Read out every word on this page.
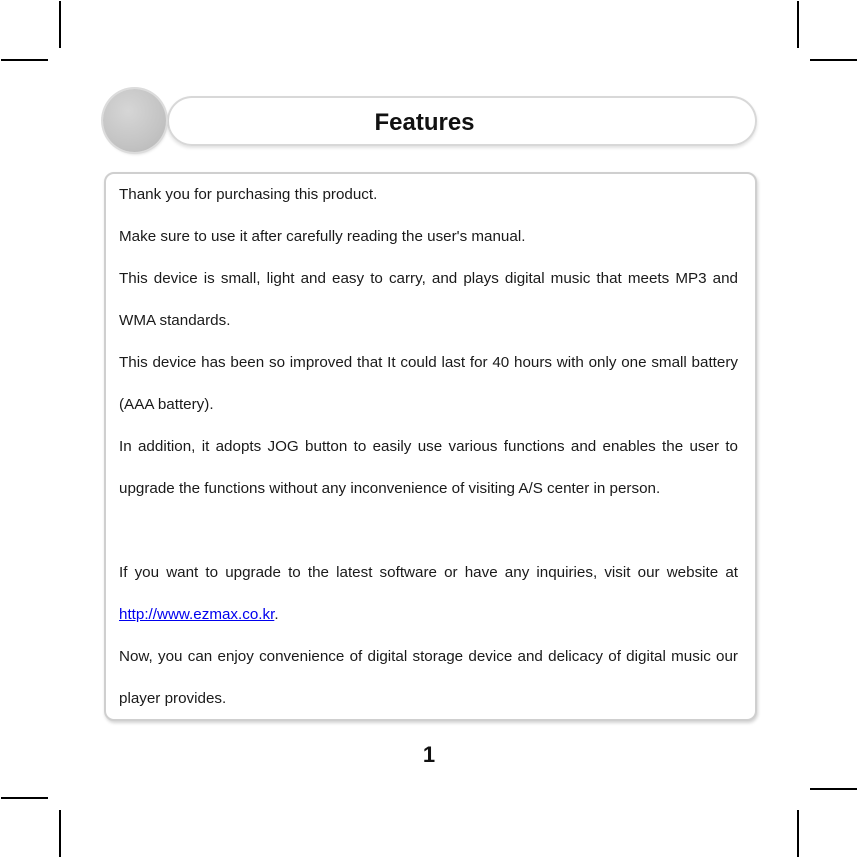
Features

Thank you for purchasing this product.

Make sure to use it after carefully reading the user's manual.

This device is small, light and easy to carry, and plays digital music that meets MP3 and WMA standards.

This device has been so improved that It could last for 40 hours with only one small battery (AAA battery).

In addition, it adopts JOG button to easily use various functions and enables the user to upgrade the functions without any inconvenience of visiting A/S center in person.

If you want to upgrade to the latest software or have any inquiries, visit our website at http://www.ezmax.co.kr.

Now, you can enjoy convenience of digital storage device and delicacy of digital music our player provides.

1
